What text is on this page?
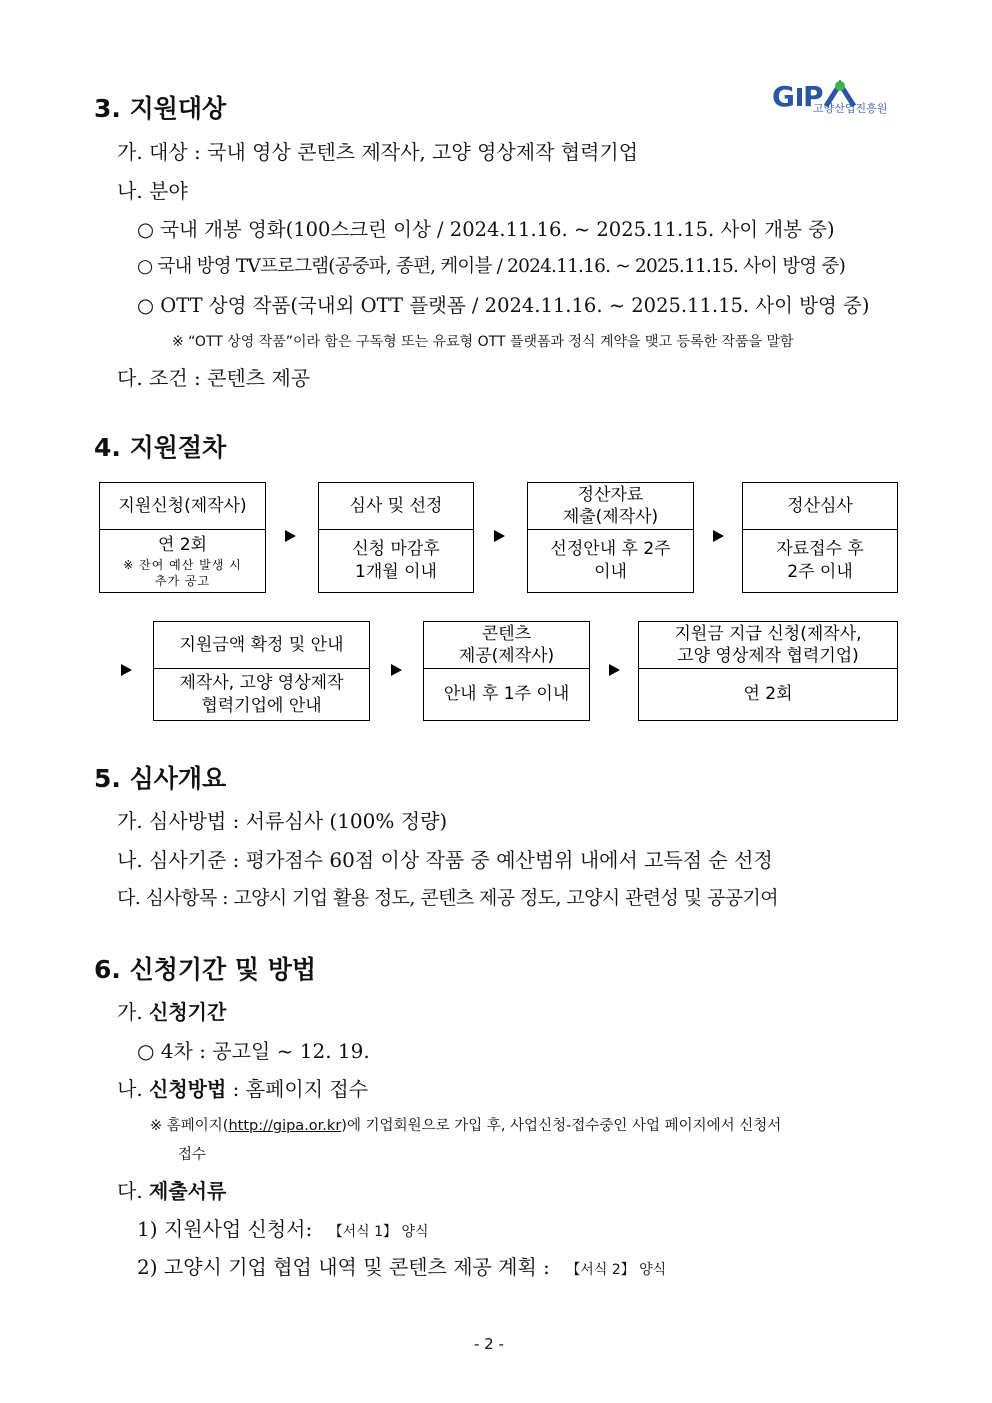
G P
고양산업진흥원
3. 지원대상
가. 대상 : 국내 영상 콘텐츠 제작사, 고양 영상제작 협력기업
나. 분야
○ 국내 개봉 영화(100스크린 이상 / 2024.11.16. ~ 2025.11.15. 사이 개봉 중)
○ 국내 방영 TV프로그램(공중파, 종편, 케이블 / 2024.11.16. ~ 2025.11.15. 사이 방영 중)
○ OTT 상영 작품(국내외 OTT 플랫폼 / 2024.11.16. ~ 2025.11.15. 사이 방영 중)
※ “OTT 상영 작품”이라 함은 구독형 또는 유료형 OTT 플랫폼과 정식 계약을 맺고 등록한 작품을 말함
다. 조건 : 콘텐츠 제공
4. 지원절차
지원신청(제작사)
연 2회
※ 잔여 예산 발생 시
추가 공고
심사 및 선정
신청 마감후
1개월 이내
정산자료
제출(제작사)
선정안내 후 2주
이내
정산심사
자료접수 후
2주 이내
지원금액 확정 및 안내
제작사, 고양 영상제작
협력기업에 안내
콘텐츠
제공(제작사)
안내 후 1주 이내
지원금 지급 신청(제작사,
고양 영상제작 협력기업)
연 2회
5. 심사개요
가. 심사방법 : 서류심사 (100% 정량)
나. 심사기준 : 평가점수 60점 이상 작품 중 예산범위 내에서 고득점 순 선정
다. 심사항목 : 고양시 기업 활용 정도, 콘텐츠 제공 정도, 고양시 관련성 및 공공기여
6. 신청기간 및 방법
가. 신청기간
○ 4차 : 공고일 ~ 12. 19.
나. 신청방법 : 홈페이지 접수
※ 홈페이지(http://gipa.or.kr)에 기업회원으로 가입 후, 사업신청-접수중인 사업 페이지에서 신청서
접수
다. 제출서류
1) 지원사업 신청서: 【서식 1】 양식
2) 고양시 기업 협업 내역 및 콘텐츠 제공 계획 : 【서식 2】 양식
- 2 -
